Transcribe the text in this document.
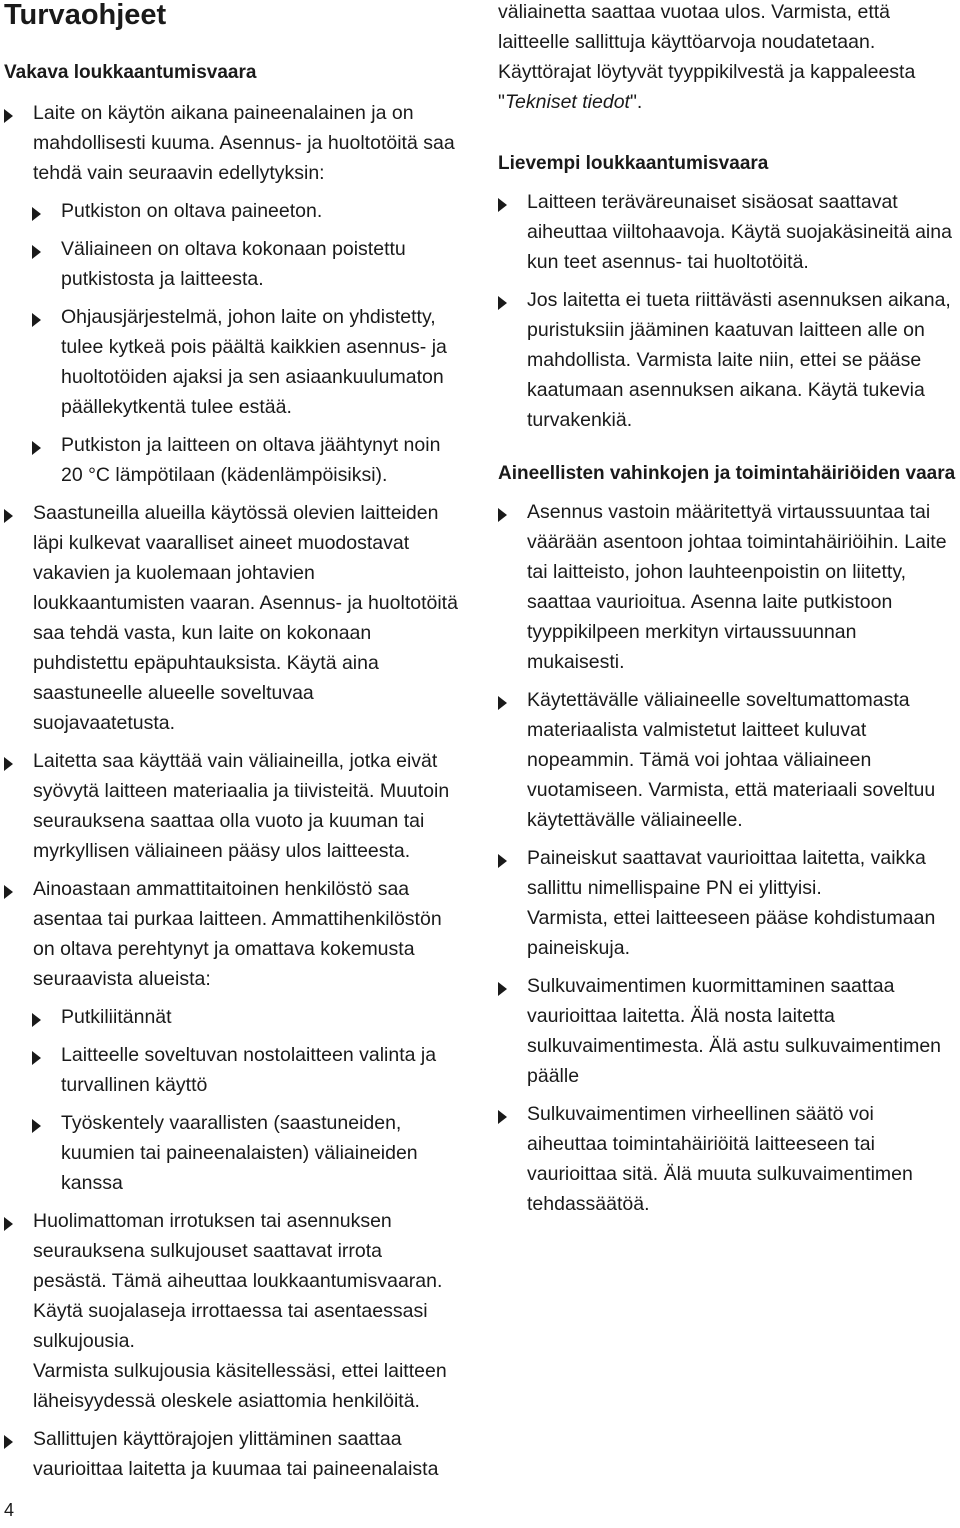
Turvaohjeet
Vakava loukkaantumisvaara

Laite on käytön aikana paineenalainen ja on mahdollisesti kuuma. Asennus- ja huoltotöitä saa tehdä vain seuraavin edellytyksin:

Putkiston on oltava paineeton.

Väliaineen on oltava kokonaan poistettu putkistosta ja laitteesta.

Ohjausjärjestelmä, johon laite on yhdistetty, tulee kytkeä pois päältä kaikkien asennus- ja huoltotöiden ajaksi ja sen asiaankuulumaton päällekytkentä tulee estää.

Putkiston ja laitteen on oltava jäähtynyt noin 20 °C lämpötilaan (kädenlämpöisiksi).

Saastuneilla alueilla käytössä olevien laitteiden läpi kulkevat vaaralliset aineet muodostavat vakavien ja kuolemaan johtavien loukkaantumisten vaaran. Asennus- ja huoltotöitä saa tehdä vasta, kun laite on kokonaan puhdistettu epäpuhtauksista. Käytä aina saastuneelle alueelle soveltuvaa suojavaatetusta.

Laitetta saa käyttää vain väliaineilla, jotka eivät syövytä laitteen materiaalia ja tiivisteitä. Muutoin seurauksena saattaa olla vuoto ja kuuman tai myrkyllisen väliaineen pääsy ulos laitteesta.

Ainoastaan ammattitaitoinen henkilöstö saa asentaa tai purkaa laitteen. Ammattihenkilöstön on oltava perehtynyt ja omattava kokemusta seuraavista alueista:

Putkiliitännät

Laitteelle soveltuvan nostolaitteen valinta ja turvallinen käyttö

Työskentely vaarallisten (saastuneiden, kuumien tai paineenalaisten) väliaineiden kanssa

Huolimattoman irrotuksen tai asennuksen seurauksena sulkujouset saattavat irrota pesästä. Tämä aiheuttaa loukkaantumisvaaran. Käytä suojalaseja irrottaessa tai asentaessasi sulkujousia.
Varmista sulkujousia käsitellessäsi, ettei laitteen läheisyydessä oleskele asiattomia henkilöitä.

Sallittujen käyttörajojen ylittäminen saattaa vaurioittaa laitetta ja kuumaa tai paineenalaista

4

väliainetta saattaa vuotaa ulos. Varmista, että laitteelle sallittuja käyttöarvoja noudatetaan. Käyttörajat löytyvät tyyppikilvestä ja kappaleesta "Tekniset tiedot".

Lievempi loukkaantumisvaara

Laitteen teräväreunaiset sisäosat saattavat aiheuttaa viiltohaavoja. Käytä suojakäsineitä aina kun teet asennus- tai huoltotöitä.

Jos laitetta ei tueta riittävästi asennuksen aikana, puristuksiin jääminen kaatuvan laitteen alle on mahdollista. Varmista laite niin, ettei se pääse kaatumaan asennuksen aikana. Käytä tukevia turvakenkiä.

Aineellisten vahinkojen ja toimintahäiriöiden vaara

Asennus vastoin määritettyä virtaussuuntaa tai väärään asentoon johtaa toimintahäiriöihin. Laite tai laitteisto, johon lauhteenpoistin on liitetty, saattaa vaurioitua. Asenna laite putkistoon tyyppikilpeen merkityn virtaussuunnan mukaisesti.

Käytettävälle väliaineelle soveltumattomasta materiaalista valmistetut laitteet kuluvat nopeammin. Tämä voi johtaa väliaineen vuotamiseen. Varmista, että materiaali soveltuu käytettävälle väliaineelle.

Paineiskut saattavat vaurioittaa laitetta, vaikka sallittu nimellispaine PN ei ylittyisi.
Varmista, ettei laitteeseen pääse kohdistumaan paineiskuja.

Sulkuvaimentimen kuormittaminen saattaa vaurioittaa laitetta. Älä nosta laitetta sulkuvaimentimesta. Älä astu sulkuvaimentimen päälle

Sulkuvaimentimen virheellinen säätö voi aiheuttaa toimintahäiriöitä laitteeseen tai vaurioittaa sitä. Älä muuta sulkuvaimentimen tehdassäätöä.
